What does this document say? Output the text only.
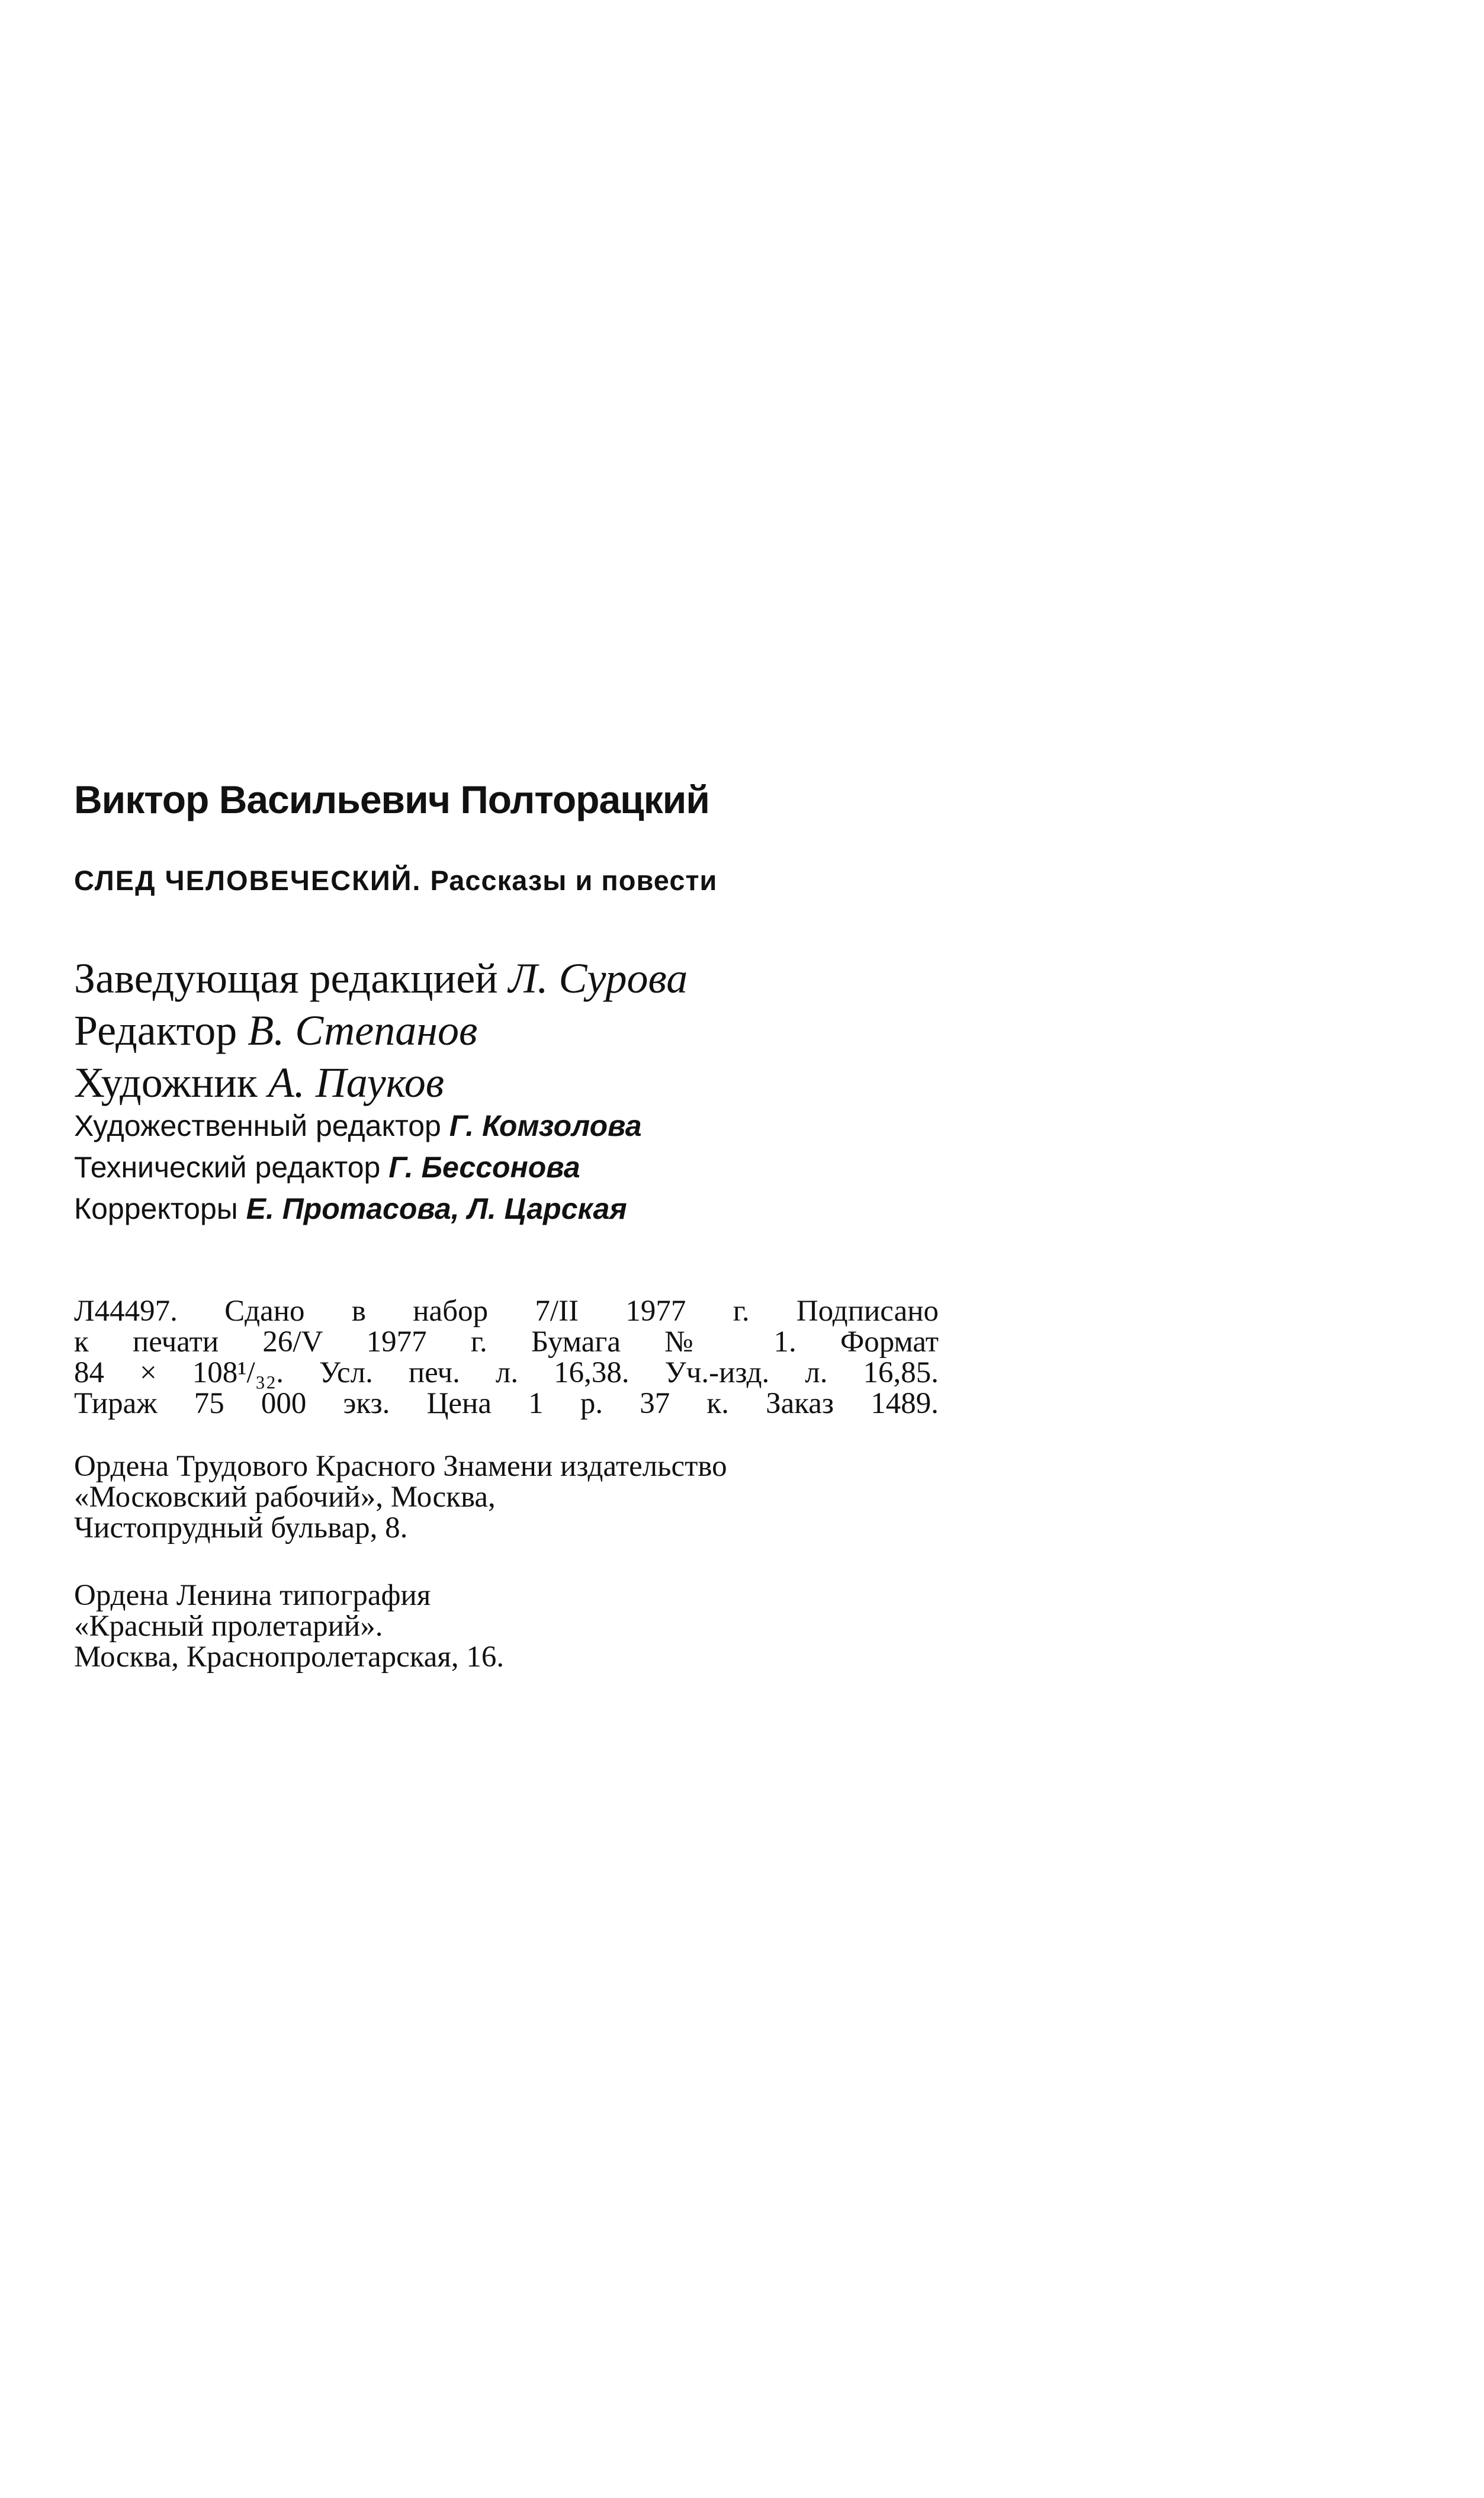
Виктор Васильевич Полторацкий
СЛЕД ЧЕЛОВЕЧЕСКИЙ. Рассказы и повести
Заведующая редакцией Л. Сурова
Редактор В. Степанов
Художник А. Пауков
Художественный редактор Г. Комзолова
Технический редактор Г. Бессонова
Корректоры Е. Протасова, Л. Царская
Л44497. Сдано в набор 7/II 1977 г. Подписано
к печати 26/V 1977 г. Бумага № 1. Формат
84 × 108¹/₃₂. Усл. печ. л. 16,38. Уч.-изд. л. 16,85.
Тираж 75 000 экз. Цена 1 р. 37 к. Заказ 1489.
Ордена Трудового Красного Знамени издательство
«Московский рабочий», Москва,
Чистопрудный бульвар, 8.
Ордена Ленина типография
«Красный пролетарий».
Москва, Краснопролетарская, 16.
